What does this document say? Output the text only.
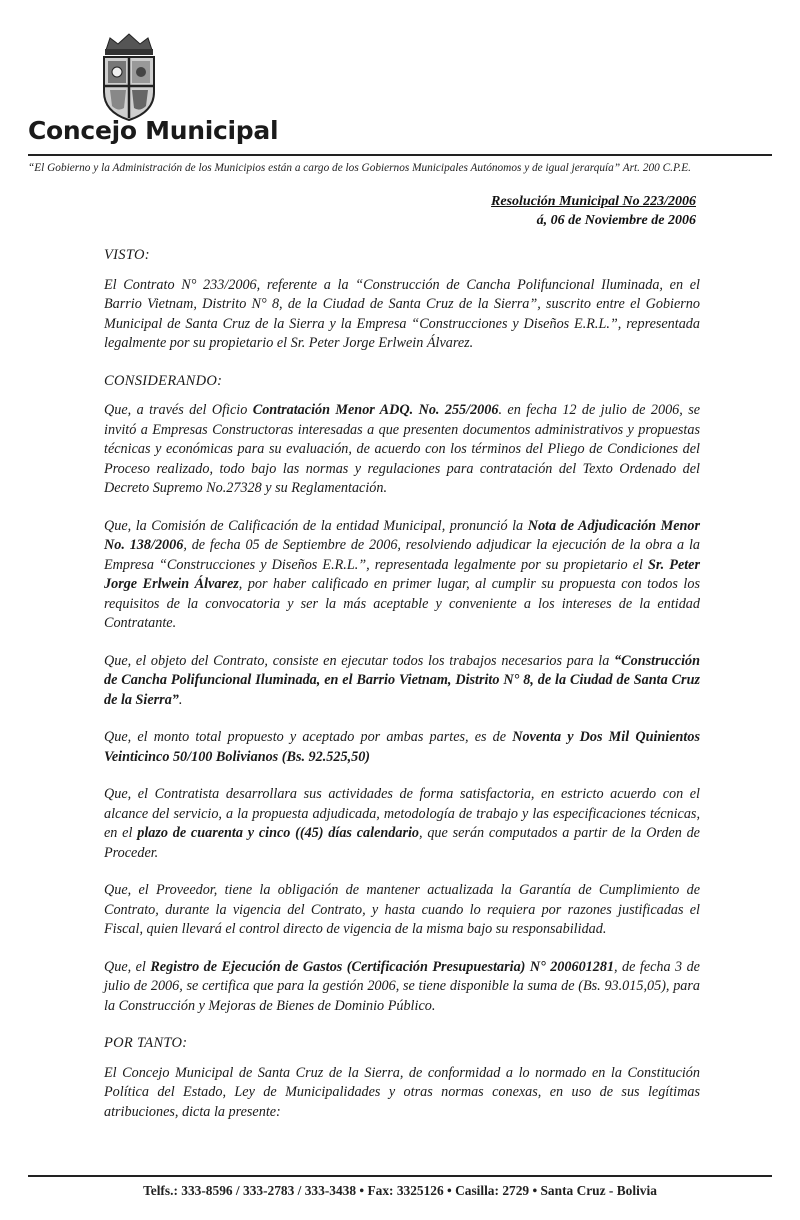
Concejo Municipal
“El Gobierno y la Administración de los Municipios están a cargo de los Gobiernos Municipales Autónomos y de igual jerarquía” Art. 200 C.P.E.
Resolución Municipal No 223/2006
á, 06 de Noviembre de 2006
VISTO:

El Contrato N° 233/2006, referente a la “Construcción de Cancha Polifuncional Iluminada, en el Barrio Vietnam, Distrito N° 8, de la Ciudad de Santa Cruz de la Sierra”, suscrito entre el Gobierno Municipal de Santa Cruz de la Sierra y la Empresa “Construcciones y Diseños E.R.L.”, representada legalmente por su propietario el Sr. Peter Jorge Erlwein Álvarez.

CONSIDERANDO:

Que, a través del Oficio Contratación Menor ADQ. No. 255/2006. en fecha 12 de julio de 2006, se invitó a Empresas Constructoras interesadas a que presenten documentos administrativos y propuestas técnicas y económicas para su evaluación, de acuerdo con los términos del Pliego de Condiciones del Proceso realizado, todo bajo las normas y regulaciones para contratación del Texto Ordenado del Decreto Supremo No.27328 y su Reglamentación.

Que, la Comisión de Calificación de la entidad Municipal, pronunció la Nota de Adjudicación Menor No. 138/2006, de fecha 05 de Septiembre de 2006, resolviendo adjudicar la ejecución de la obra a la Empresa “Construcciones y Diseños E.R.L.”, representada legalmente por su propietario el Sr. Peter Jorge Erlwein Álvarez, por haber calificado en primer lugar, al cumplir su propuesta con todos los requisitos de la convocatoria y ser la más aceptable y conveniente a los intereses de la entidad Contratante.

Que, el objeto del Contrato, consiste en ejecutar todos los trabajos necesarios para la “Construcción de Cancha Polifuncional Iluminada, en el Barrio Vietnam, Distrito N° 8, de la Ciudad de Santa Cruz de la Sierra”.

Que, el monto total propuesto y aceptado por ambas partes, es de Noventa y Dos Mil Quinientos Veinticinco 50/100 Bolivianos (Bs. 92.525,50)

Que, el Contratista desarrollara sus actividades de forma satisfactoria, en estricto acuerdo con el alcance del servicio, a la propuesta adjudicada, metodología de trabajo y las especificaciones técnicas, en el plazo de cuarenta y cinco ((45) días calendario, que serán computados a partir de la Orden de Proceder.

Que, el Proveedor, tiene la obligación de mantener actualizada la Garantía de Cumplimiento de Contrato, durante la vigencia del Contrato, y hasta cuando lo requiera por razones justificadas el Fiscal, quien llevará el control directo de vigencia de la misma bajo su responsabilidad.

Que, el Registro de Ejecución de Gastos (Certificación Presupuestaria) N° 200601281, de fecha 3 de julio de 2006, se certifica que para la gestión 2006, se tiene disponible la suma de (Bs. 93.015,05), para la Construcción y Mejoras de Bienes de Dominio Público.

POR TANTO:

El Concejo Municipal de Santa Cruz de la Sierra, de conformidad a lo normado en la Constitución Política del Estado, Ley de Municipalidades y otras normas conexas, en uso de sus legítimas atribuciones, dicta la presente:

Telfs.: 333-8596 / 333-2783 / 333-3438 • Fax: 3325126 • Casilla: 2729 • Santa Cruz - Bolivia
